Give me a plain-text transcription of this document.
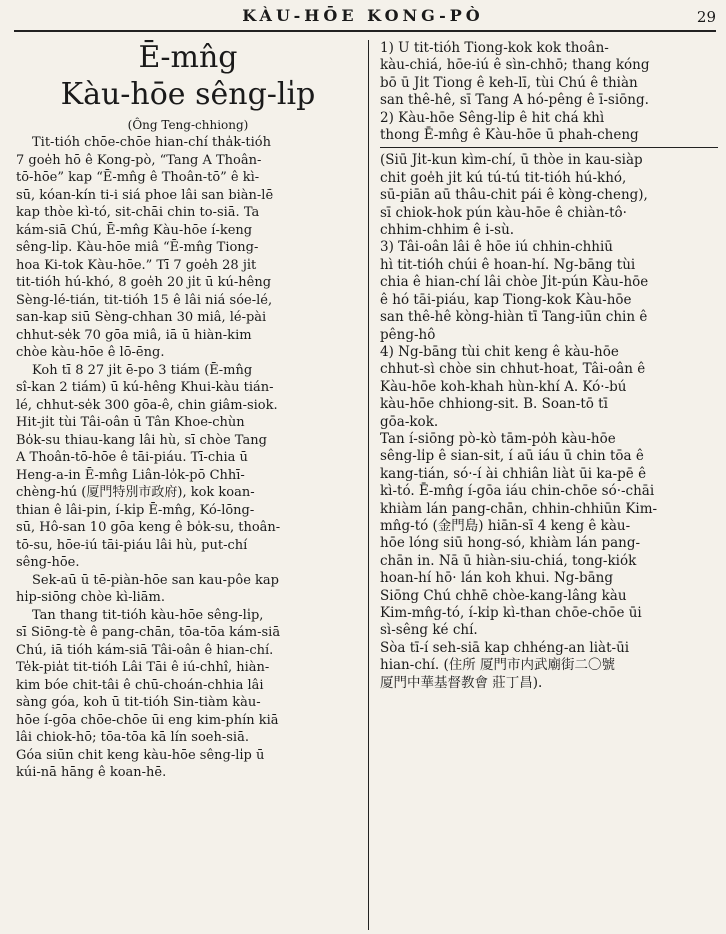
KÀU-HŌE KONG-PÒ	29
Ē-mn̂g
Kàu-hōe sêng-li̍p
(Ông Teng-chhiong)

Tit-tióh chōe-chōe hian-chí tha̍k-tióh
7 goe̍h hō ê Kong-pò, “Tang A Thoân-
tō-hōe” kap “Ē-mn̂g ê Thoân-tō” ê kì-
sū, kóan-kín ti-i siá phoe lâi san biàn-lē
kap thòe kì-tó, sit-chāi chin to-siā. Ta
kám-siā Chú, Ē-mn̂g Kàu-hōe í-keng
sêng-li̍p. Kàu-hōe miâ “Ē-mn̂g Tiong-
hoa Ki-tok Kàu-hōe.” Tī 7 goe̍h 28 ji̍t
tit-tióh hú-khó, 8 goe̍h 20 ji̍t ū kú-hêng
Sèng-lé-tián, tit-tióh 15 ê lâi niá sóe-lé,
san-kap siū Sèng-chhan 30 miâ, lé-pài
chhut-se̍k 70 gōa miâ, iā ū hiàn-kim
chòe kàu-hōe ê lō-ēng.

Koh tī 8 27 ji̍t ē-po 3 tiám (Ē-mn̂g
sî-kan 2 tiám) ū kú-hêng Khui-kàu tián-
lé, chhut-se̍k 300 gōa-ê, chin giâm-siok.
Hit-ji̍t tùi Tâi-oân ū Tân Khoe-chùn
Bo̍k-su thiau-kang lâi hù, sī chòe Tang
A Thoân-tō-hōe ê tāi-piáu. Tī-chia ū
Heng-a-in Ē-mn̂g Liân-lo̍k-pō Chhī-
chèng-hú (厦門特別市政府), kok koan-
thian ê lâi-pin, í-ki̍p Ē-mn̂g, Kó-lōng-
sū, Hô-san 10 gōa keng ê bo̍k-su, thoân-
tō-su, hōe-iú tāi-piáu lâi hù, put-chí
sêng-hōe.

Sek-aū ū tē-piàn-hōe san kau-pôe kap
hi̍p-siōng chòe kì-liām.

Tan thang tit-tióh kàu-hōe sêng-li̍p,
sī Siōng-tè ê pang-chān, tōa-tōa kám-siā
Chú, iā tióh kám-siā Tâi-oân ê hian-chí.
Te̍k-pia̍t tit-tióh Lâi Tāi ê iú-chhî, hiàn-
kim bóe chit-tâi ê chū-choán-chhia lâi
sàng góa, koh ū tit-tióh Sin-tiàm kàu-
hōe í-gōa chōe-chōe ūi eng kim-phín kiā
lâi chiok-hō; tōa-tōa kā lín soeh-siā.
Góa siūn chit keng kàu-hōe sêng-li̍p ū
kúi-nā hāng ê koan-hē.

1) U tit-tióh Tiong-kok kok thoân-
kàu-chiá, hōe-iú ê sìn-chhō; thang kóng
bō ū Ji̍t Tiong ê keh-lī, tùi Chú ê thiàn
san thê-hê, sī Tang A hó-pêng ê ī-siōng.
2) Kàu-hōe Sêng-li̍p ê hit chá khì
thong Ē-mn̂g ê Kàu-hōe ū phah-cheng

(Siū Ji̍t-kun kìm-chí, ū thòe in kau-siàp
chit goe̍h ji̍t kú tú-tú tit-tióh hú-khó,
sū-piān aū thâu-chit pái ê kòng-cheng),
sī chiok-hok pún kàu-hōe ê chiàn-tô·
chhim-chhim ê i-sù.

3) Tâi-oân lâi ê hōe iú chhin-chhiū
hì tit-tióh chúi ê hoan-hí. Ng-bāng tùi
chia ê hian-chí lâi chòe Ji̍t-pún Kàu-hōe
ê hó tāi-piáu, kap Tiong-kok Kàu-hōe
san thê-hê kòng-hiàn tī Tang-iūn chin ê
pêng-hô

4) Ng-bāng tùi chit keng ê kàu-hōe
chhut-sì chòe sin chhut-hoat, Tâi-oân ê
Kàu-hōe koh-khah hùn-khí A. Kó·-bú
kàu-hōe chhiong-sit. B. Soan-tō tī
gōa-kok.

Tan í-siōng pò-kò tām-po̍h kàu-hōe
sêng-li̍p ê sian-sit, í aū iáu ū chin tōa ê
kang-tián, só·-í ài chhiân liàt ūi ka-pē ê
kì-tó. Ē-mn̂g í-gōa iáu chin-chōe só·-chāi
khiàm lán pang-chān, chhin-chhiūn Kim-
mn̂g-tó (金門島) hiān-sī 4 keng ê kàu-
hōe lóng siū hong-só, khiàm lán pang-
chān in. Nā ū hiàn-siu-chiá, tong-kiók
hoan-hí hō· lán koh khui. Ng-bāng
Siōng Chú chhē chòe-kang-lâng kàu
Kim-mn̂g-tó, í-ki̍p kì-than chōe-chōe ūi
sì-sêng ké chí.

Sòa tī-í seh-siā kap chhéng-an liàt-ūi
hian-chí. (住所 厦門市内武廟街二〇號
厦門中華基督教會 莊丁昌).
